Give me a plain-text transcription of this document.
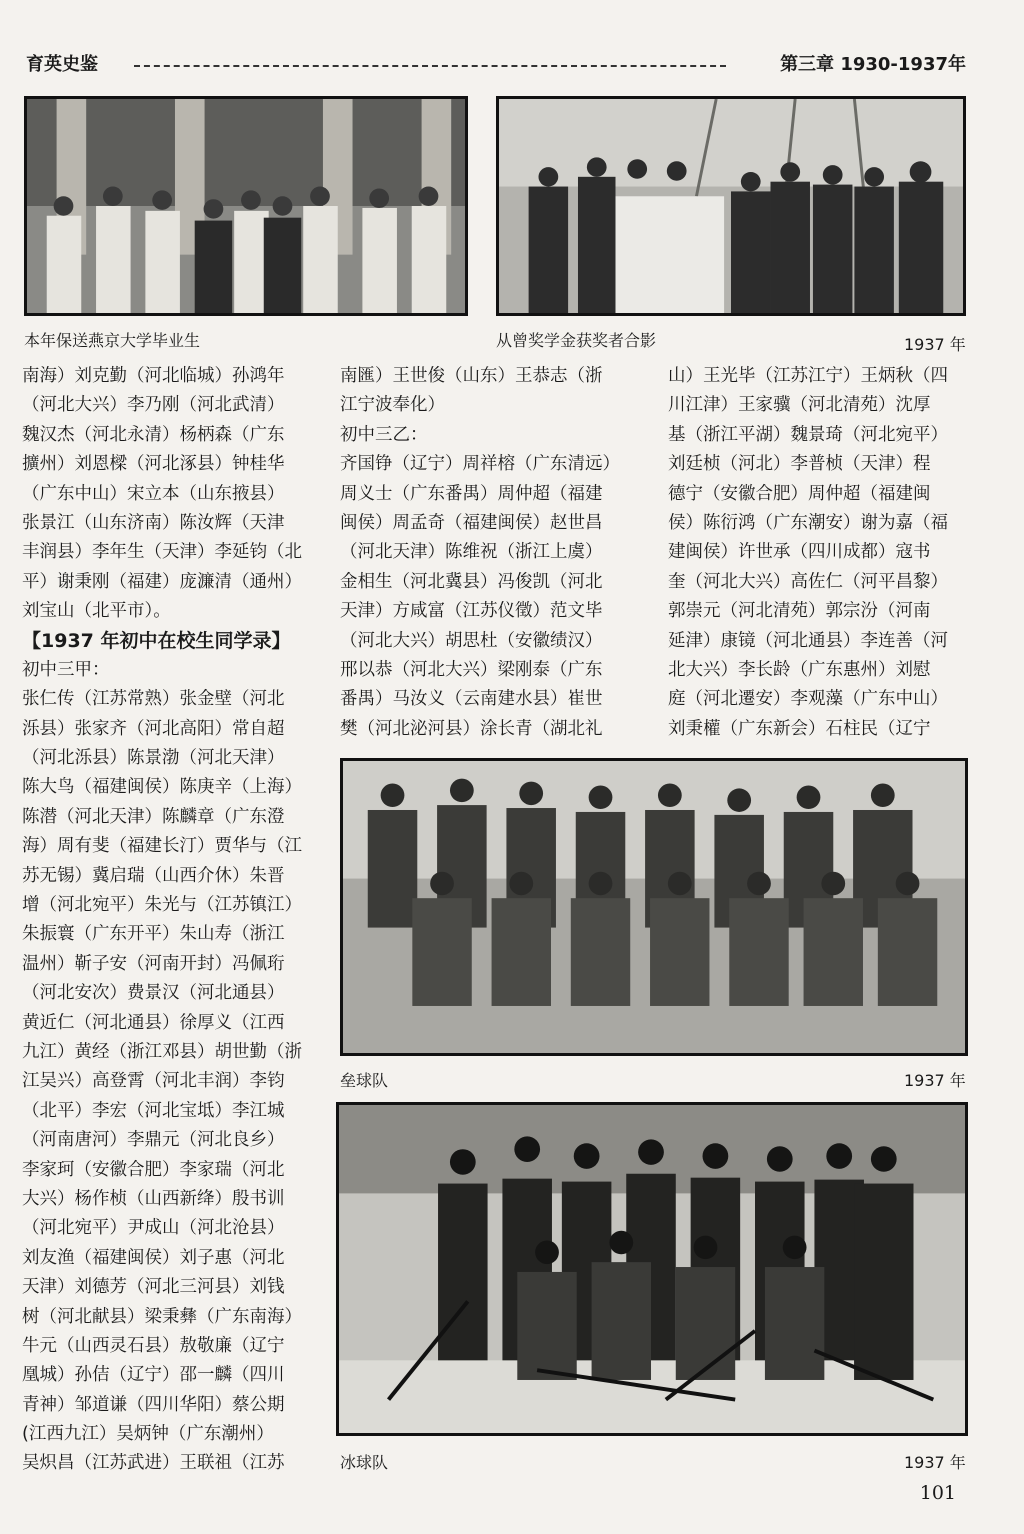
育英史鉴	第三章 1930-1937年
本年保送燕京大学毕业生	从曾奖学金获奖者合影	1937 年
南海）刘克勤（河北临城）孙鸿年
（河北大兴）李乃刚（河北武清）
魏汉杰（河北永清）杨柄森（广东
擴州）刘恩樑（河北涿县）钟桂华
（广东中山）宋立本（山东掖县）
张景江（山东济南）陈汝辉（天津
丰润县）李年生（天津）李延钧（北
平）谢秉刚（福建）庞濂清（通州）
刘宝山（北平市）。
【1937 年初中在校生同学录】
初中三甲：
张仁传（江苏常熟）张金壁（河北
泺县）张家齐（河北高阳）常自超
（河北泺县）陈景渤（河北天津）
陈大鸟（福建闽侯）陈庚辛（上海）
陈潜（河北天津）陈麟章（广东澄
海）周有斐（福建长汀）贾华与（江
苏无锡）冀启瑞（山西介休）朱晋
增（河北宛平）朱光与（江苏镇江）
朱振寰（广东开平）朱山寿（浙江
温州）靳子安（河南开封）冯佩珩
（河北安次）费景汉（河北通县）
黄近仁（河北通县）徐厚义（江西
九江）黄经（浙江邓县）胡世勤（浙
江吴兴）高登霄（河北丰润）李钧
（北平）李宏（河北宝坻）李江城
（河南唐河）李鼎元（河北良乡）
李家珂（安徽合肥）李家瑞（河北
大兴）杨作桢（山西新绛）殷书训
（河北宛平）尹成山（河北沧县）
刘友渔（福建闽侯）刘子惠（河北
天津）刘德芳（河北三河县）刘钱
树（河北献县）梁秉彝（广东南海）
牛元（山西灵石县）敖敬廉（辽宁
凰城）孙佶（辽宁）邵一麟（四川
青神）邹道谦（四川华阳）蔡公期
(江西九江）吴炳钟（广东潮州）
吴炽昌（江苏武进）王联祖（江苏
南匯）王世俊（山东）王恭志（浙
江宁波奉化）
初中三乙：
齐国铮（辽宁）周祥榕（广东清远）
周义士（广东番禺）周仲超（福建
闽侯）周孟奇（福建闽侯）赵世昌
（河北天津）陈维祝（浙江上虞）
金相生（河北冀县）冯俊凯（河北
天津）方咸富（江苏仪徵）范文毕
（河北大兴）胡思杜（安徽绩汉）
邢以恭（河北大兴）梁刚泰（广东
番禺）马汝义（云南建水县）崔世
樊（河北泌河县）涂长青（湖北礼
山）王光毕（江苏江宁）王炳秋（四
川江津）王家骥（河北清苑）沈厚
基（浙江平湖）魏景琦（河北宛平）
刘廷桢（河北）李普桢（天津）程
德宁（安徽合肥）周仲超（福建闽
侯）陈衍鸿（广东潮安）谢为嘉（福
建闽侯）许世承（四川成都）寇书
奎（河北大兴）高佐仁（河平昌黎）
郭崇元（河北清苑）郭宗汾（河南
延津）康镜（河北通县）李连善（河
北大兴）李长龄（广东惠州）刘慰
庭（河北遷安）李观藻（广东中山）
刘秉權（广东新会）石柱民（辽宁
垒球队	1937 年
冰球队	1937 年
101
